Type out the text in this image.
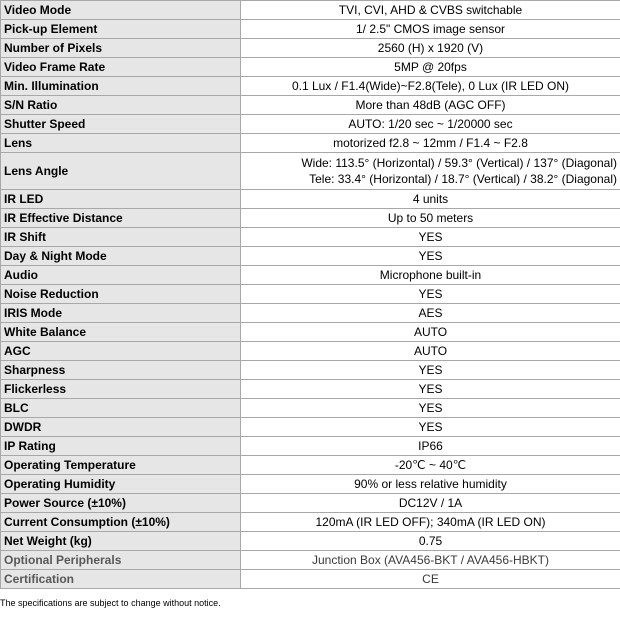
Video Mode	TVI, CVI, AHD & CVBS switchable
Pick-up Element	1/ 2.5" CMOS image sensor
Number of Pixels	2560 (H) x 1920 (V)
Video Frame Rate	5MP @ 20fps
Min. Illumination	0.1 Lux / F1.4(Wide)~F2.8(Tele), 0 Lux (IR LED ON)
S/N Ratio	More than 48dB (AGC OFF)
Shutter Speed	AUTO: 1/20 sec ~ 1/20000 sec
Lens	motorized f2.8 ~ 12mm / F1.4 ~ F2.8
Lens Angle	Wide: 113.5° (Horizontal) / 59.3° (Vertical) / 137° (Diagonal)
Tele: 33.4° (Horizontal) / 18.7° (Vertical) / 38.2° (Diagonal)

IR LED	4 units
IR Effective Distance	Up to 50 meters
IR Shift	YES
Day & Night Mode	YES
Audio	Microphone built-in
Noise Reduction	YES
IRIS Mode	AES
White Balance	AUTO
AGC	AUTO
Sharpness	YES
Flickerless	YES
BLC	YES
DWDR	YES
IP Rating	IP66
Operating Temperature	-20℃ ~ 40℃
Operating Humidity	90% or less relative humidity
Power Source (±10%)	DC12V / 1A
Current Consumption (±10%)	120mA (IR LED OFF); 340mA (IR LED ON)
Net Weight (kg)	0.75
Optional Peripherals	Junction Box (AVA456-BKT / AVA456-HBKT)
Certification	CE
The specifications are subject to change without notice.
